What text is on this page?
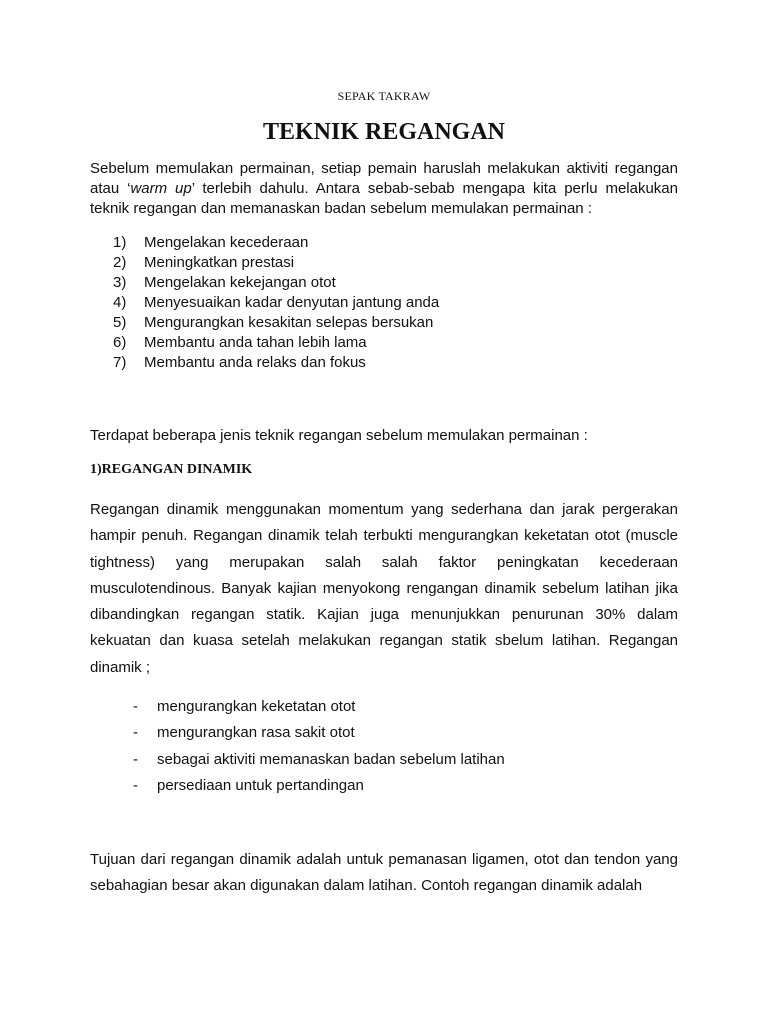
SEPAK TAKRAW
TEKNIK REGANGAN

Sebelum memulakan permainan, setiap pemain haruslah melakukan aktiviti regangan atau ‘warm up’ terlebih dahulu. Antara sebab-sebab mengapa kita perlu melakukan teknik regangan dan memanaskan badan sebelum memulakan permainan :

1)	Mengelakan kecederaan
2)	Meningkatkan prestasi
3)	Mengelakan kekejangan otot
4)	Menyesuaikan kadar denyutan jantung anda
5)	Mengurangkan kesakitan selepas bersukan
6)	Membantu anda tahan lebih lama
7)	Membantu anda relaks dan fokus

Terdapat beberapa jenis teknik regangan sebelum memulakan permainan :

1)REGANGAN DINAMIK

Regangan dinamik menggunakan momentum yang sederhana dan jarak pergerakan hampir penuh. Regangan dinamik telah terbukti mengurangkan keketatan otot (muscle tightness) yang merupakan salah salah faktor peningkatan kecederaan musculotendinous. Banyak kajian menyokong rengangan dinamik sebelum latihan jika dibandingkan regangan statik. Kajian juga menunjukkan penurunan 30% dalam kekuatan dan kuasa setelah melakukan regangan statik sbelum latihan. Regangan dinamik ;

-	mengurangkan keketatan otot
-	mengurangkan rasa sakit otot
-	sebagai aktiviti memanaskan badan sebelum latihan
-	persediaan untuk pertandingan

Tujuan dari regangan dinamik adalah untuk pemanasan ligamen, otot dan tendon yang sebahagian besar akan digunakan dalam latihan. Contoh regangan dinamik adalah
